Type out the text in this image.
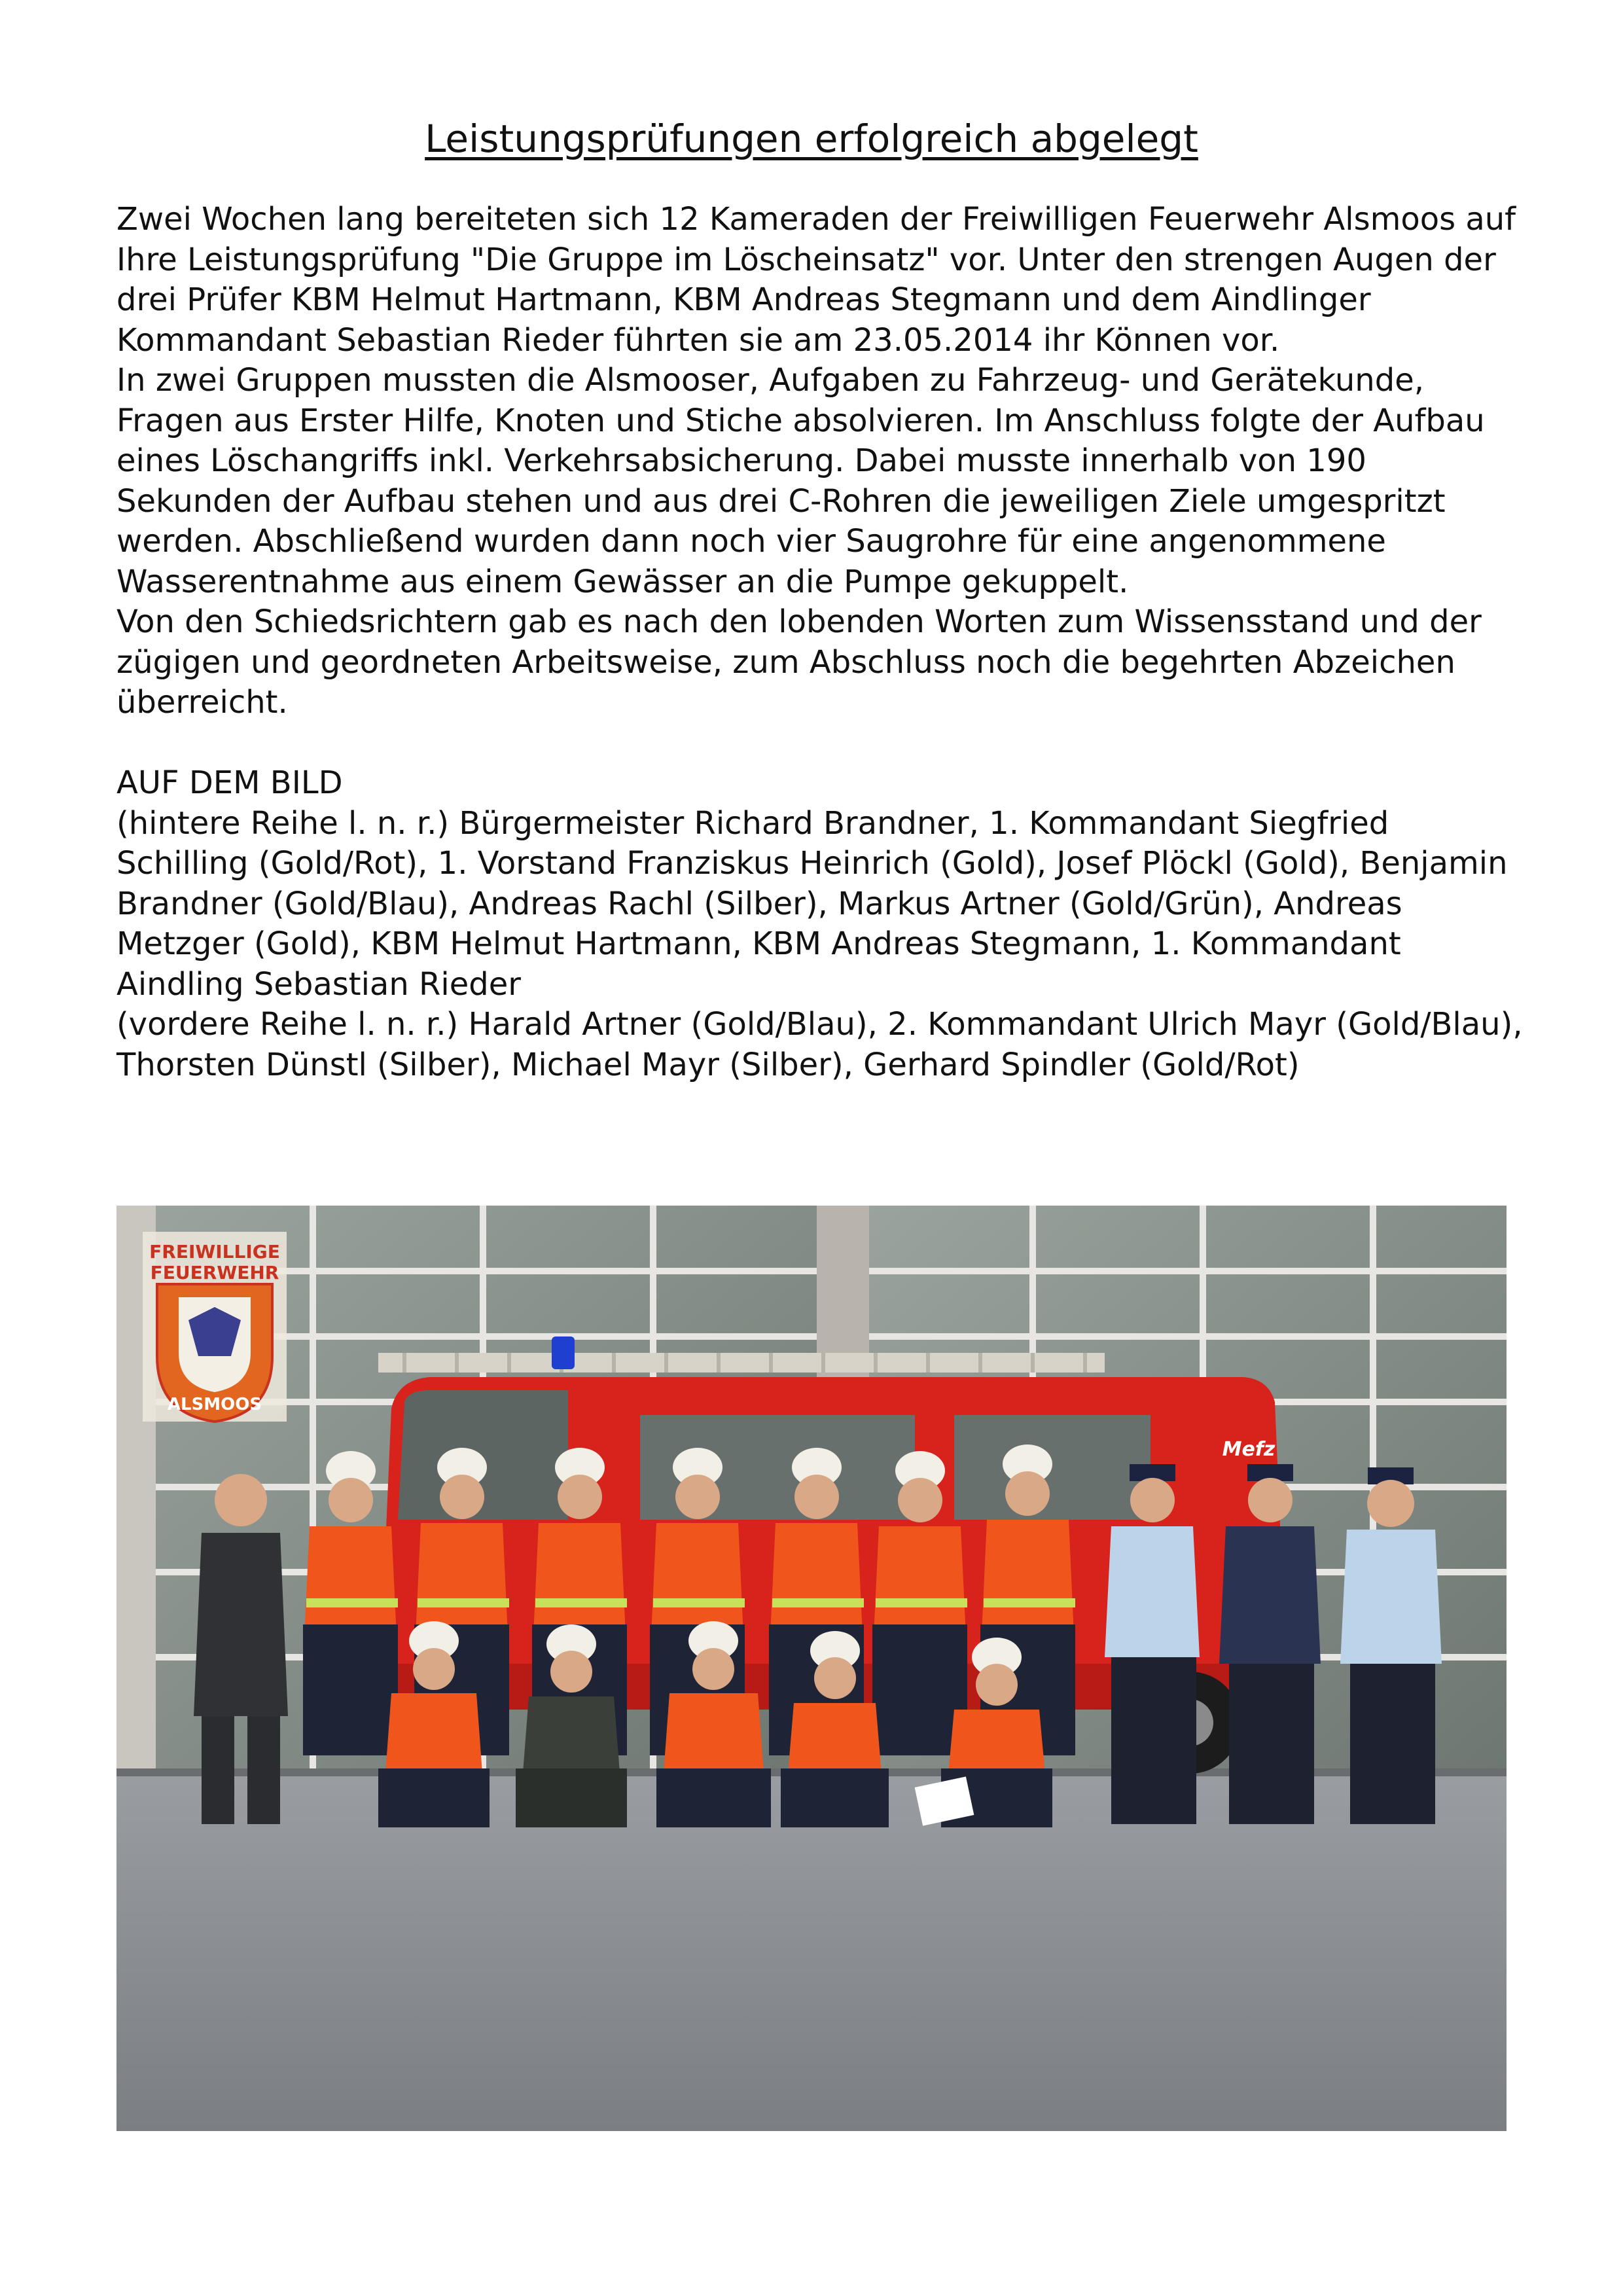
Leistungsprüfungen erfolgreich abgelegt

Zwei Wochen lang bereiteten sich 12 Kameraden der Freiwilligen Feuerwehr Alsmoos auf Ihre Leistungsprüfung "Die Gruppe im Löscheinsatz" vor. Unter den strengen Augen der drei Prüfer KBM Helmut Hartmann, KBM Andreas Stegmann und dem Aindlinger Kommandant Sebastian Rieder führten sie am 23.05.2014 ihr Können vor.

In zwei Gruppen mussten die Alsmooser, Aufgaben zu Fahrzeug- und Gerätekunde, Fragen aus Erster Hilfe, Knoten und Stiche absolvieren. Im Anschluss folgte der Aufbau eines Löschangriffs inkl. Verkehrsabsicherung. Dabei musste innerhalb von 190 Sekunden der Aufbau stehen und aus drei C-Rohren die jeweiligen Ziele umgespritzt werden. Abschließend wurden dann noch vier Saugrohre für eine angenommene Wasserentnahme aus einem Gewässer an die Pumpe gekuppelt.

Von den Schiedsrichtern gab es nach den lobenden Worten zum Wissensstand und der zügigen und geordneten Arbeitsweise, zum Abschluss noch die begehrten Abzeichen überreicht.

AUF DEM BILD

(hintere Reihe l. n. r.) Bürgermeister Richard Brandner, 1. Kommandant Siegfried Schilling (Gold/Rot), 1. Vorstand Franziskus Heinrich (Gold), Josef Plöckl (Gold), Benjamin Brandner (Gold/Blau), Andreas Rachl (Silber), Markus Artner (Gold/Grün), Andreas Metzger (Gold), KBM Helmut Hartmann, KBM Andreas Stegmann, 1. Kommandant Aindling Sebastian Rieder

(vordere Reihe l. n. r.) Harald Artner (Gold/Blau), 2. Kommandant Ulrich Mayr (Gold/Blau), Thorsten Dünstl (Silber), Michael Mayr (Silber), Gerhard Spindler (Gold/Rot)

FREIWILLIGE
FEUERWEHR
ALSMOOS
Mefz
